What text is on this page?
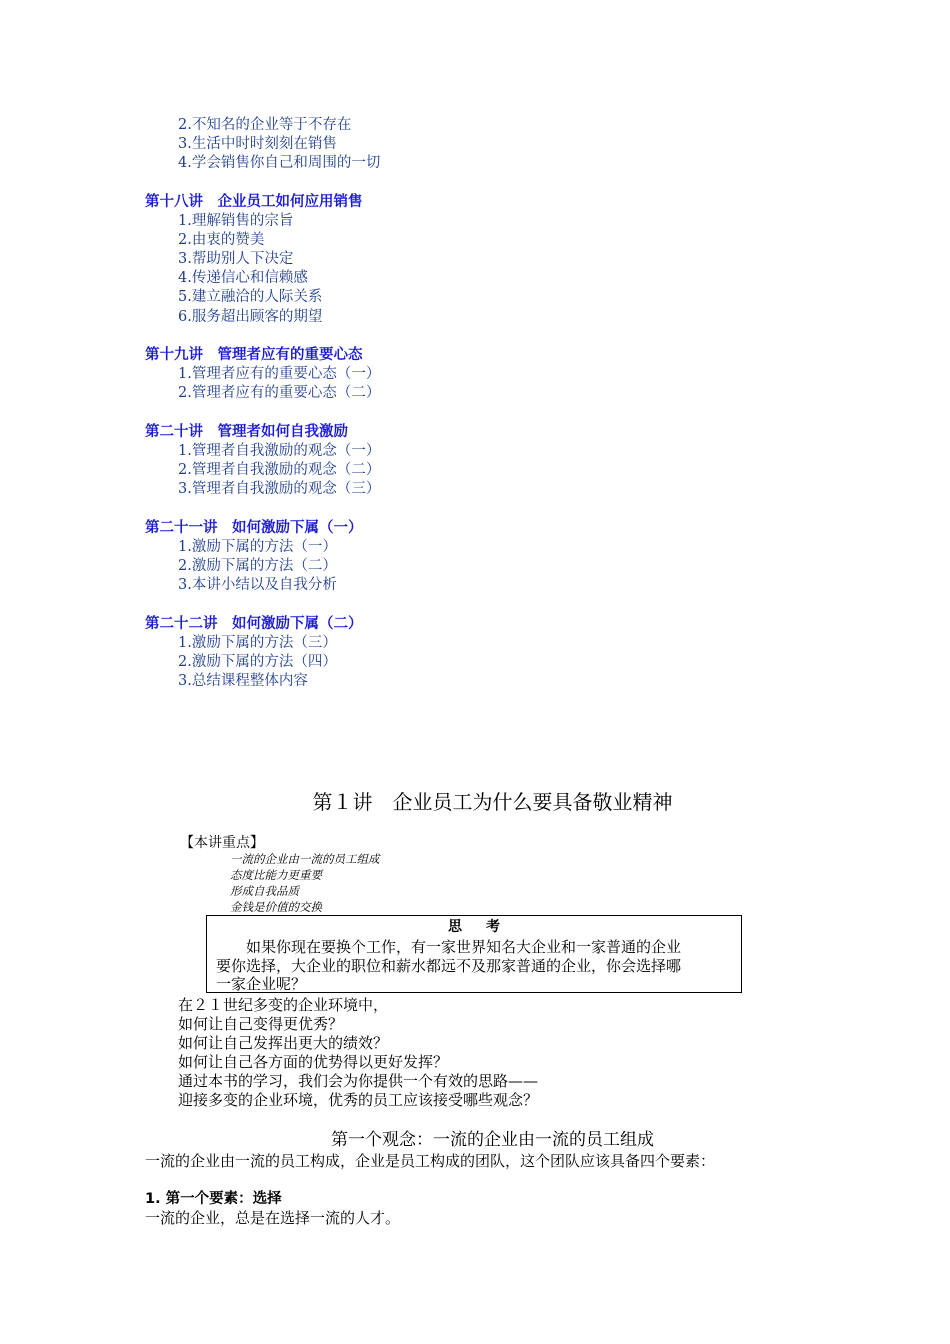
2.不知名的企业等于不存在
3.生活中时时刻刻在销售
4.学会销售你自己和周围的一切
第十八讲　企业员工如何应用销售
1.理解销售的宗旨
2.由衷的赞美
3.帮助别人下决定
4.传递信心和信赖感
5.建立融洽的人际关系
6.服务超出顾客的期望
第十九讲　管理者应有的重要心态
1.管理者应有的重要心态（一）
2.管理者应有的重要心态（二）
第二十讲　管理者如何自我激励
1.管理者自我激励的观念（一）
2.管理者自我激励的观念（二）
3.管理者自我激励的观念（三）
第二十一讲　如何激励下属（一）
1.激励下属的方法（一）
2.激励下属的方法（二）
3.本讲小结以及自我分析
第二十二讲　如何激励下属（二）
1.激励下属的方法（三）
2.激励下属的方法（四）
3.总结课程整体内容
第１讲　企业员工为什么要具备敬业精神
【本讲重点】
一流的企业由一流的员工组成
态度比能力更重要
形成自我品质
金钱是价值的交换
思考
　　如果你现在要换个工作，有一家世界知名大企业和一家普通的企业
要你选择，大企业的职位和薪水都远不及那家普通的企业，你会选择哪
一家企业呢？
在２１世纪多变的企业环境中，
如何让自己变得更优秀？
如何让自己发挥出更大的绩效？
如何让自己各方面的优势得以更好发挥？
通过本书的学习，我们会为你提供一个有效的思路——
迎接多变的企业环境，优秀的员工应该接受哪些观念？
第一个观念：一流的企业由一流的员工组成
一流的企业由一流的员工构成，企业是员工构成的团队，这个团队应该具备四个要素：
1. 第一个要素：选择
一流的企业，总是在选择一流的人才。
